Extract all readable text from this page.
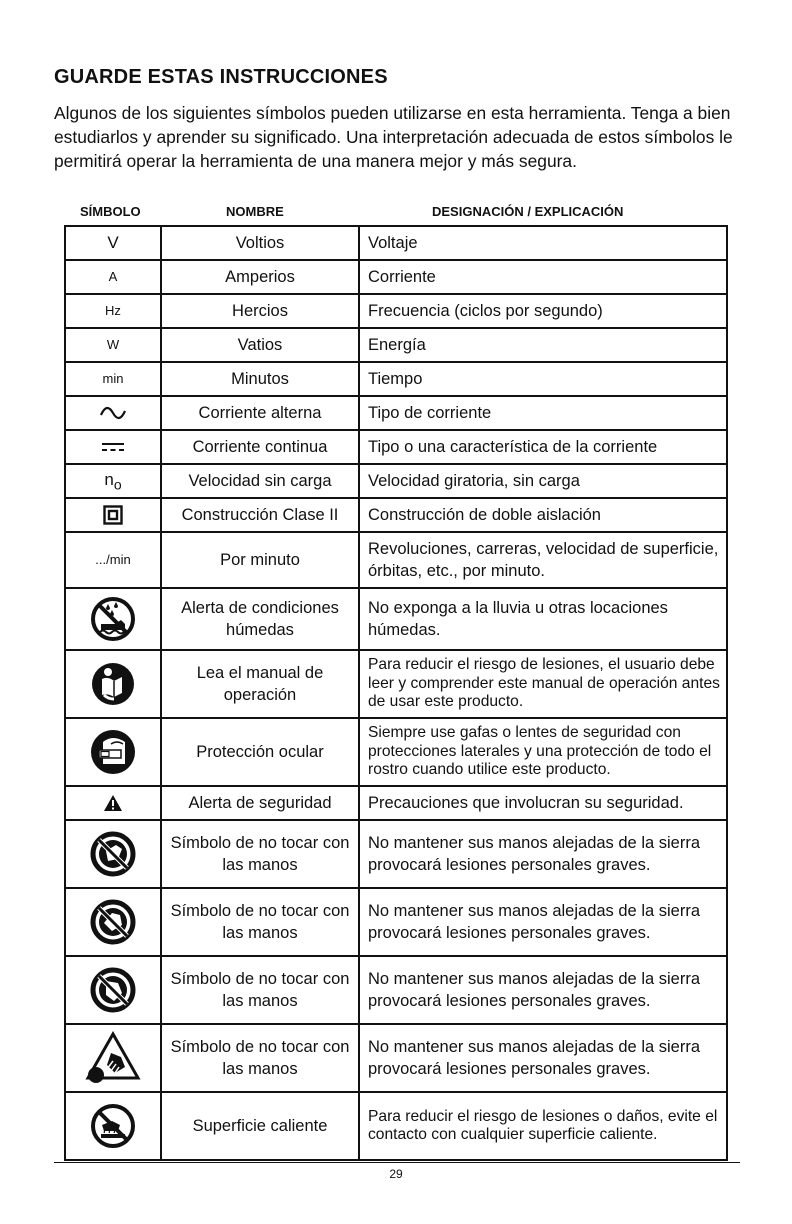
GUARDE ESTAS INSTRUCCIONES

Algunos de los siguientes símbolos pueden utilizarse en esta herramienta. Tenga a bien estudiarlos y aprender su significado. Una interpretación adecuada de estos símbolos le permitirá operar la herramienta de una manera mejor y más segura.

SÍMBOLO	NOMBRE	DESIGNACIÓN / EXPLICACIÓN
V	Voltios	Voltaje
A	Amperios	Corriente
Hz	Hercios	Frecuencia (ciclos por segundo)
W	Vatios	Energía
min	Minutos	Tiempo

	Corriente alterna	Tipo de corriente

	Corriente continua	Tipo o una característica de la corriente
$n_o$	Velocidad sin carga	Velocidad giratoria, sin carga

	Construcción Clase II	Construcción de doble aislación
.../min	Por minuto	Revoluciones, carreras, velocidad de superficie, órbitas, etc., por minuto.

	Alerta de condiciones húmedas	No exponga a la lluvia u otras locaciones húmedas.

	Lea el manual de operación	Para reducir el riesgo de lesiones, el usuario debe leer y comprender este manual de operación antes de usar este producto.

	Protección ocular	Siempre use gafas o lentes de seguridad con protecciones laterales y una protección de todo el rostro cuando utilice este producto.

	Alerta de seguridad	Precauciones que involucran su seguridad.

	Símbolo de no tocar con las manos	No mantener sus manos alejadas de la sierra provocará lesiones personales graves.

	Símbolo de no tocar con las manos	No mantener sus manos alejadas de la sierra provocará lesiones personales graves.

	Símbolo de no tocar con las manos	No mantener sus manos alejadas de la sierra provocará lesiones personales graves.

	Símbolo de no tocar con las manos	No mantener sus manos alejadas de la sierra provocará lesiones personales graves.

	Superficie caliente	Para reducir el riesgo de lesiones o daños, evite el contacto con cualquier superficie caliente.
29
